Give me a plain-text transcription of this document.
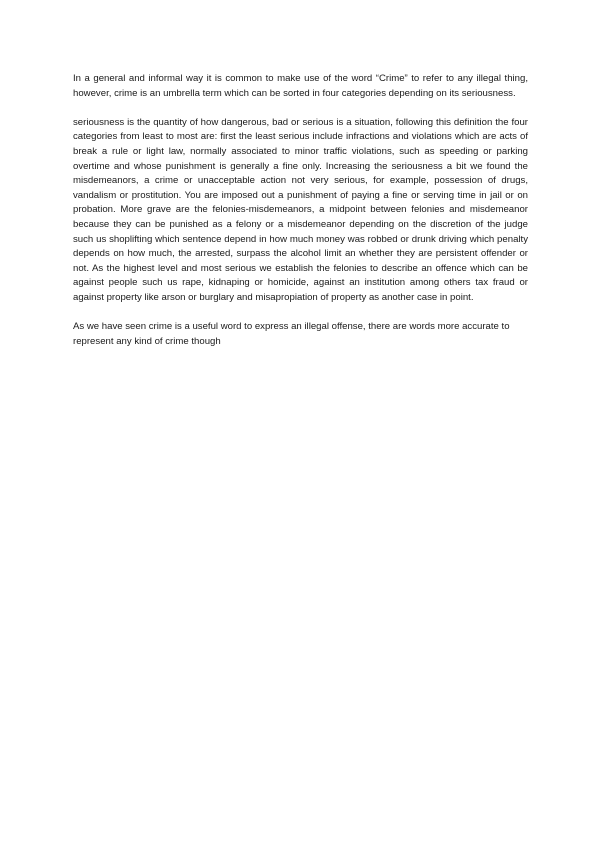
In a general and informal way it is common to make use of the word “Crime” to refer to any illegal thing, however, crime is an umbrella term which can be sorted in four categories depending on its seriousness.

seriousness is the quantity of how dangerous, bad or serious is a situation, following this definition the four categories from least to most are: first the least serious include infractions and violations which are acts of break a rule or light law, normally associated to minor traffic violations, such as speeding or parking overtime and whose punishment is generally a fine only. Increasing the seriousness a bit we found the misdemeanors, a crime or unacceptable action not very serious, for example, possession of drugs, vandalism or prostitution. You are imposed out a punishment of paying a fine or serving time in jail or on probation. More grave are the felonies-misdemeanors, a midpoint between felonies and misdemeanor because they can be punished as a felony or a misdemeanor depending on the discretion of the judge such us shoplifting which sentence depend in how much money was robbed or drunk driving which penalty depends on how much, the arrested, surpass the alcohol limit an whether they are persistent offender or not. As the highest level and most serious we establish the felonies to describe an offence which can be against people such us rape, kidnaping or homicide, against an institution among others tax fraud or against property like arson or burglary and misapropiation of property as another case in point.

As we have seen crime is a useful word to express an illegal offense, there are words more accurate to represent any kind of crime though
